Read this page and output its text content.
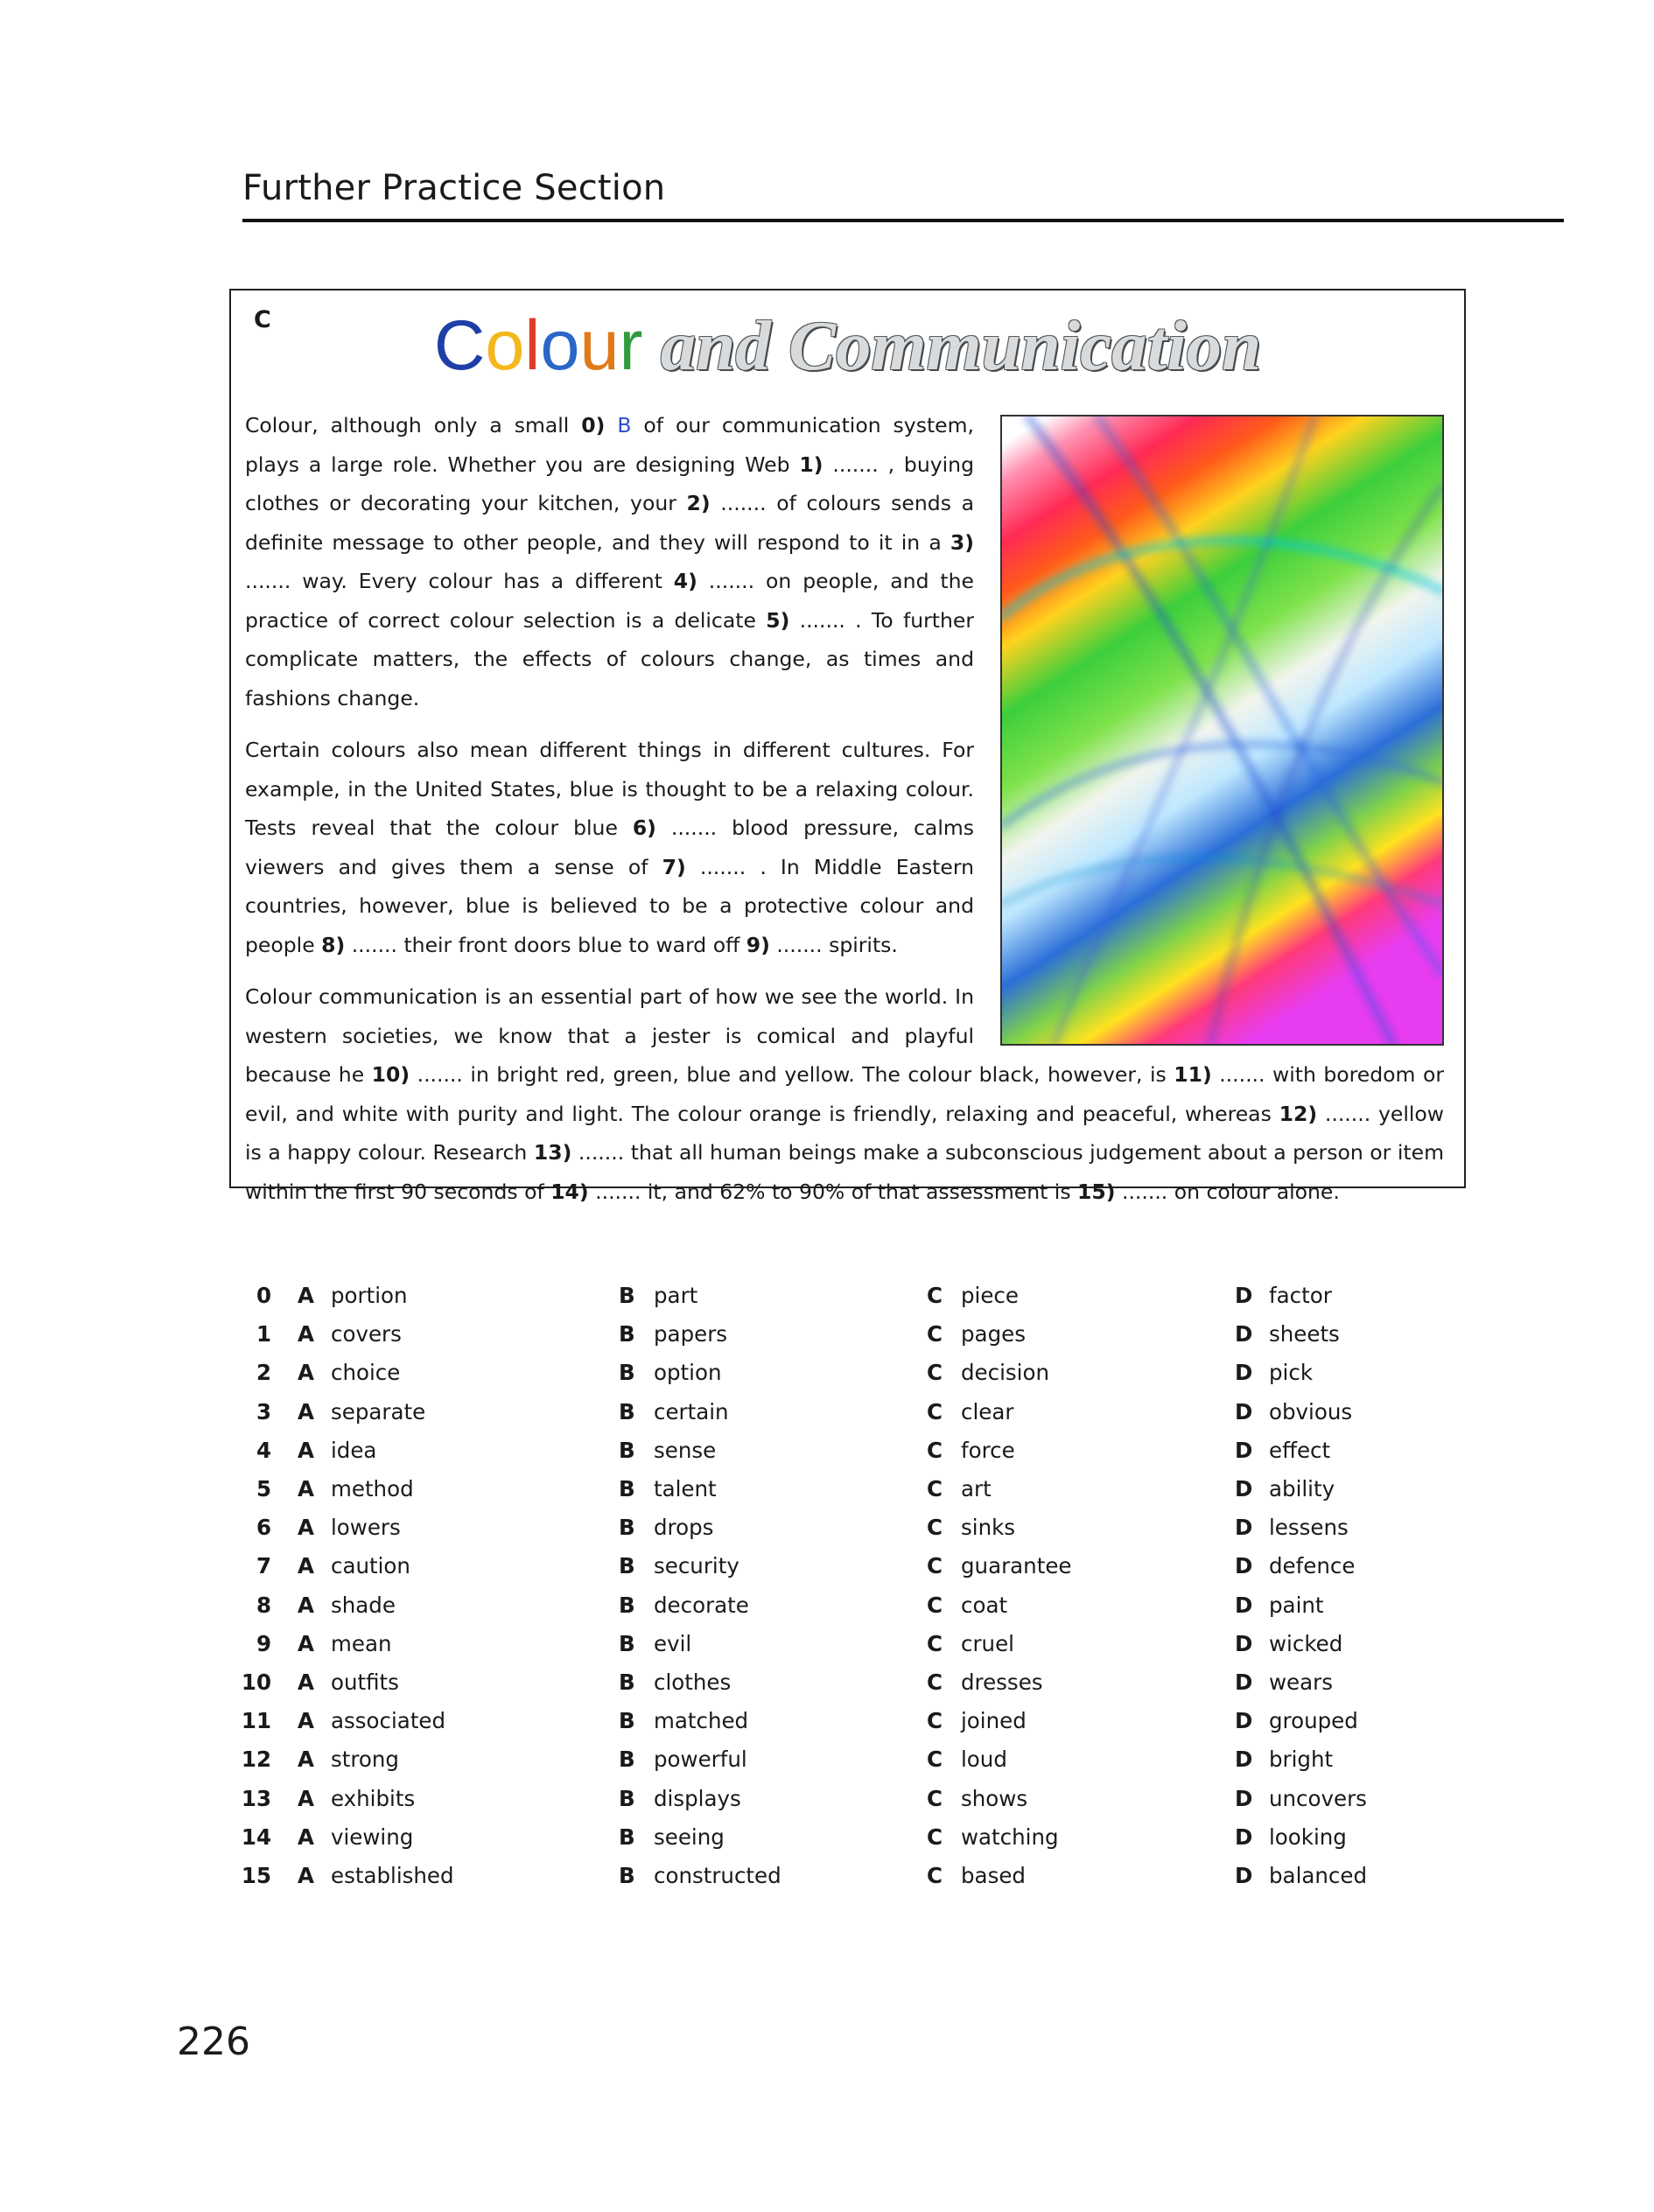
Further Practice Section
C	Colour and Communication

Colour, although only a small 0) B of our communication system, plays a large role. Whether you are designing Web 1) ....... , buying clothes or decorating your kitchen, your 2) ....... of colours sends a definite message to other people, and they will respond to it in a 3) ....... way. Every colour has a different 4) ....... on people, and the practice of correct colour selection is a delicate 5) ....... . To further complicate matters, the effects of colours change, as times and fashions change.

Certain colours also mean different things in different cultures. For example, in the United States, blue is thought to be a relaxing colour. Tests reveal that the colour blue 6) ....... blood pressure, calms viewers and gives them a sense of 7) ....... . In Middle Eastern countries, however, blue is believed to be a protective colour and people 8) ....... their front doors blue to ward off 9) ....... spirits.

Colour communication is an essential part of how we see the world. In western societies, we know that a jester is comical and playful because he 10) ....... in bright red, green, blue and yellow. The colour black, however, is 11) ....... with boredom or evil, and white with purity and light. The colour orange is friendly, relaxing and peaceful, whereas 12) ....... yellow is a happy colour. Research 13) ....... that all human beings make a subconscious judgement about a person or item within the first 90 seconds of 14) ....... it, and 62% to 90% of that assessment is 15) ....... on colour alone.

0 A portion	B part	C piece	D factor
1 A covers	B papers	C pages	D sheets
2 A choice	B option	C decision	D pick
3 A separate	B certain	C clear	D obvious
4 A idea	B sense	C force	D effect
5 A method	B talent	C art	D ability
6 A lowers	B drops	C sinks	D lessens
7 A caution	B security	C guarantee	D defence
8 A shade	B decorate	C coat	D paint
9 A mean	B evil	C cruel	D wicked
10 A outfits	B clothes	C dresses	D wears
11 A associated	B matched	C joined	D grouped
12 A strong	B powerful	C loud	D bright
13 A exhibits	B displays	C shows	D uncovers
14 A viewing	B seeing	C watching	D looking
15 A established	B constructed	C based	D balanced
226
